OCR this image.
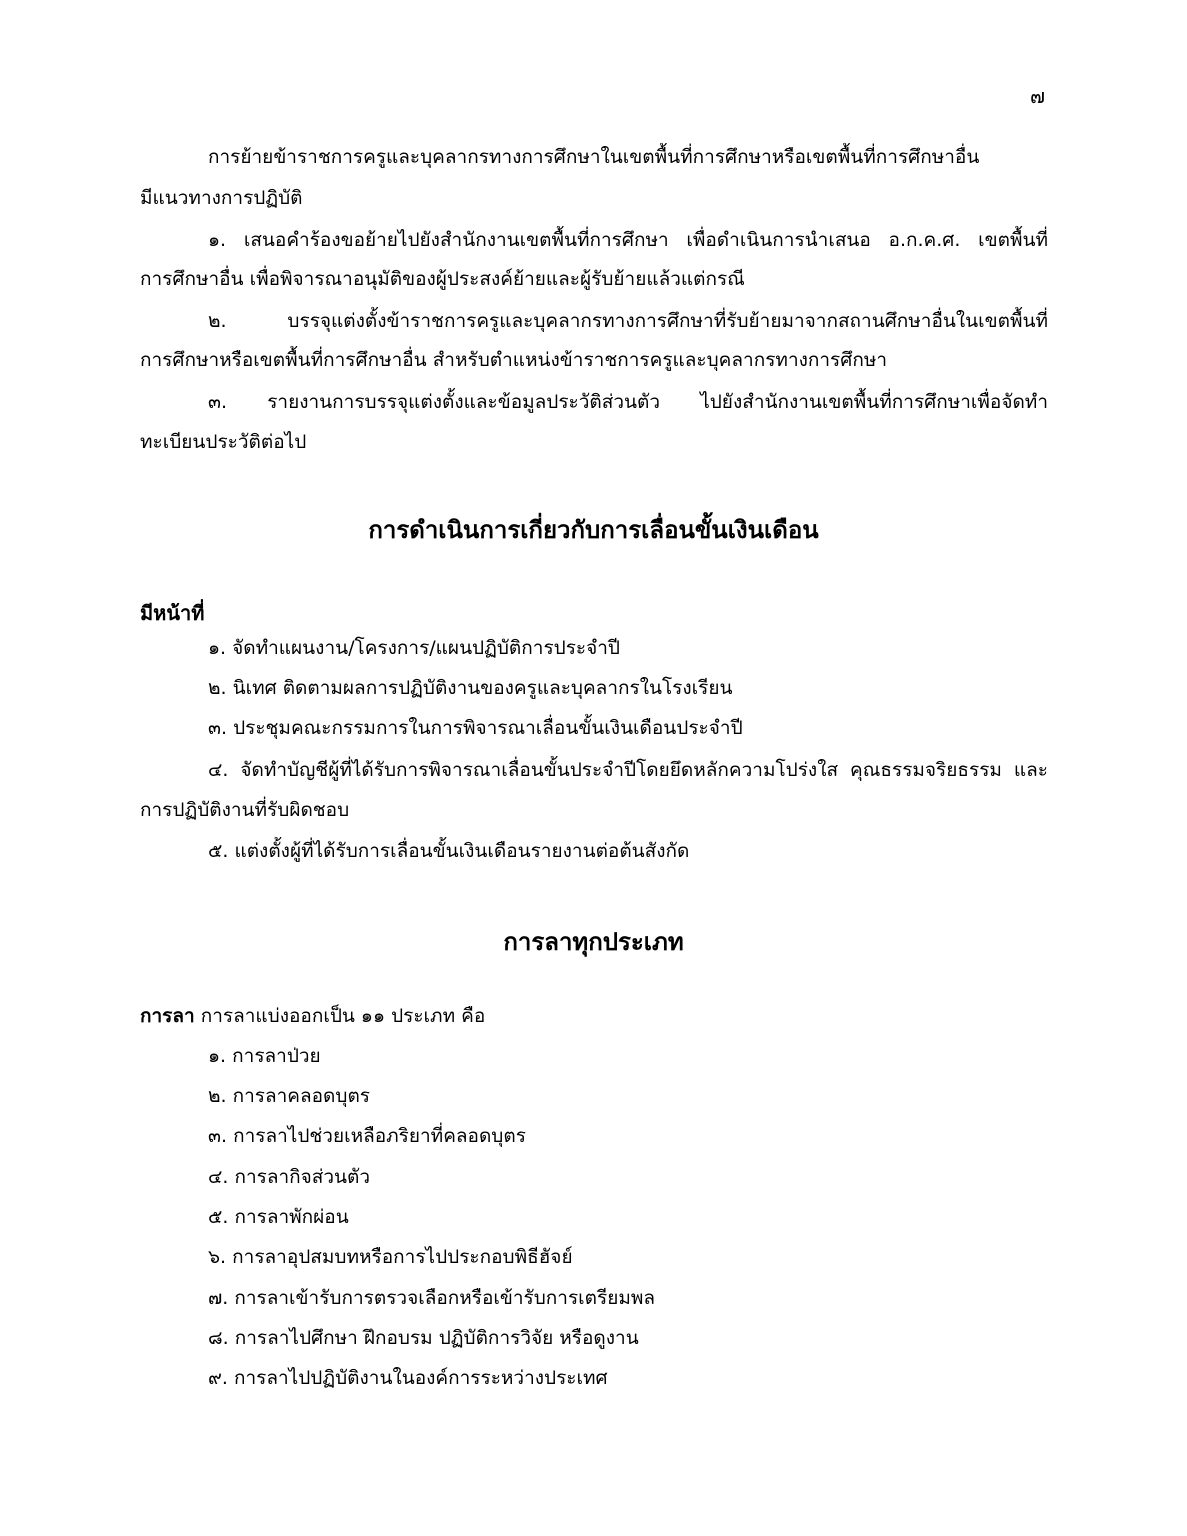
๗
การย้ายข้าราชการครูและบุคลากรทางการศึกษาในเขตพื้นที่การศึกษาหรือเขตพื้นที่การศึกษาอื่น
มีแนวทางการปฏิบัติ
๑. เสนอคำร้องขอย้ายไปยังสำนักงานเขตพื้นที่การศึกษา เพื่อดำเนินการนำเสนอ อ.ก.ค.ศ. เขตพื้นที่
การศึกษาอื่น เพื่อพิจารณาอนุมัติของผู้ประสงค์ย้ายและผู้รับย้ายแล้วแต่กรณี
๒. บรรจุแต่งตั้งข้าราชการครูและบุคลากรทางการศึกษาที่รับย้ายมาจากสถานศึกษาอื่นในเขตพื้นที่
การศึกษาหรือเขตพื้นที่การศึกษาอื่น สำหรับตำแหน่งข้าราชการครูและบุคลากรทางการศึกษา
๓. รายงานการบรรจุแต่งตั้งและข้อมูลประวัติส่วนตัว ไปยังสำนักงานเขตพื้นที่การศึกษาเพื่อจัดทำ
ทะเบียนประวัติต่อไป
การดำเนินการเกี่ยวกับการเลื่อนขั้นเงินเดือน
มีหน้าที่
๑. จัดทำแผนงาน/โครงการ/แผนปฏิบัติการประจำปี
๒. นิเทศ ติดตามผลการปฏิบัติงานของครูและบุคลากรในโรงเรียน
๓. ประชุมคณะกรรมการในการพิจารณาเลื่อนขั้นเงินเดือนประจำปี
๔. จัดทำบัญชีผู้ที่ได้รับการพิจารณาเลื่อนขั้นประจำปีโดยยึดหลักความโปร่งใส คุณธรรมจริยธรรม และ
การปฏิบัติงานที่รับผิดชอบ
๕. แต่งตั้งผู้ที่ได้รับการเลื่อนขั้นเงินเดือนรายงานต่อต้นสังกัด
การลาทุกประเภท
การลา การลาแบ่งออกเป็น ๑๑ ประเภท คือ
๑. การลาป่วย
๒. การลาคลอดบุตร
๓. การลาไปช่วยเหลือภริยาที่คลอดบุตร
๔. การลากิจส่วนตัว
๕. การลาพักผ่อน
๖. การลาอุปสมบทหรือการไปประกอบพิธีฮัจย์
๗. การลาเข้ารับการตรวจเลือกหรือเข้ารับการเตรียมพล
๘. การลาไปศึกษา ฝึกอบรม ปฏิบัติการวิจัย หรือดูงาน
๙. การลาไปปฏิบัติงานในองค์การระหว่างประเทศ
